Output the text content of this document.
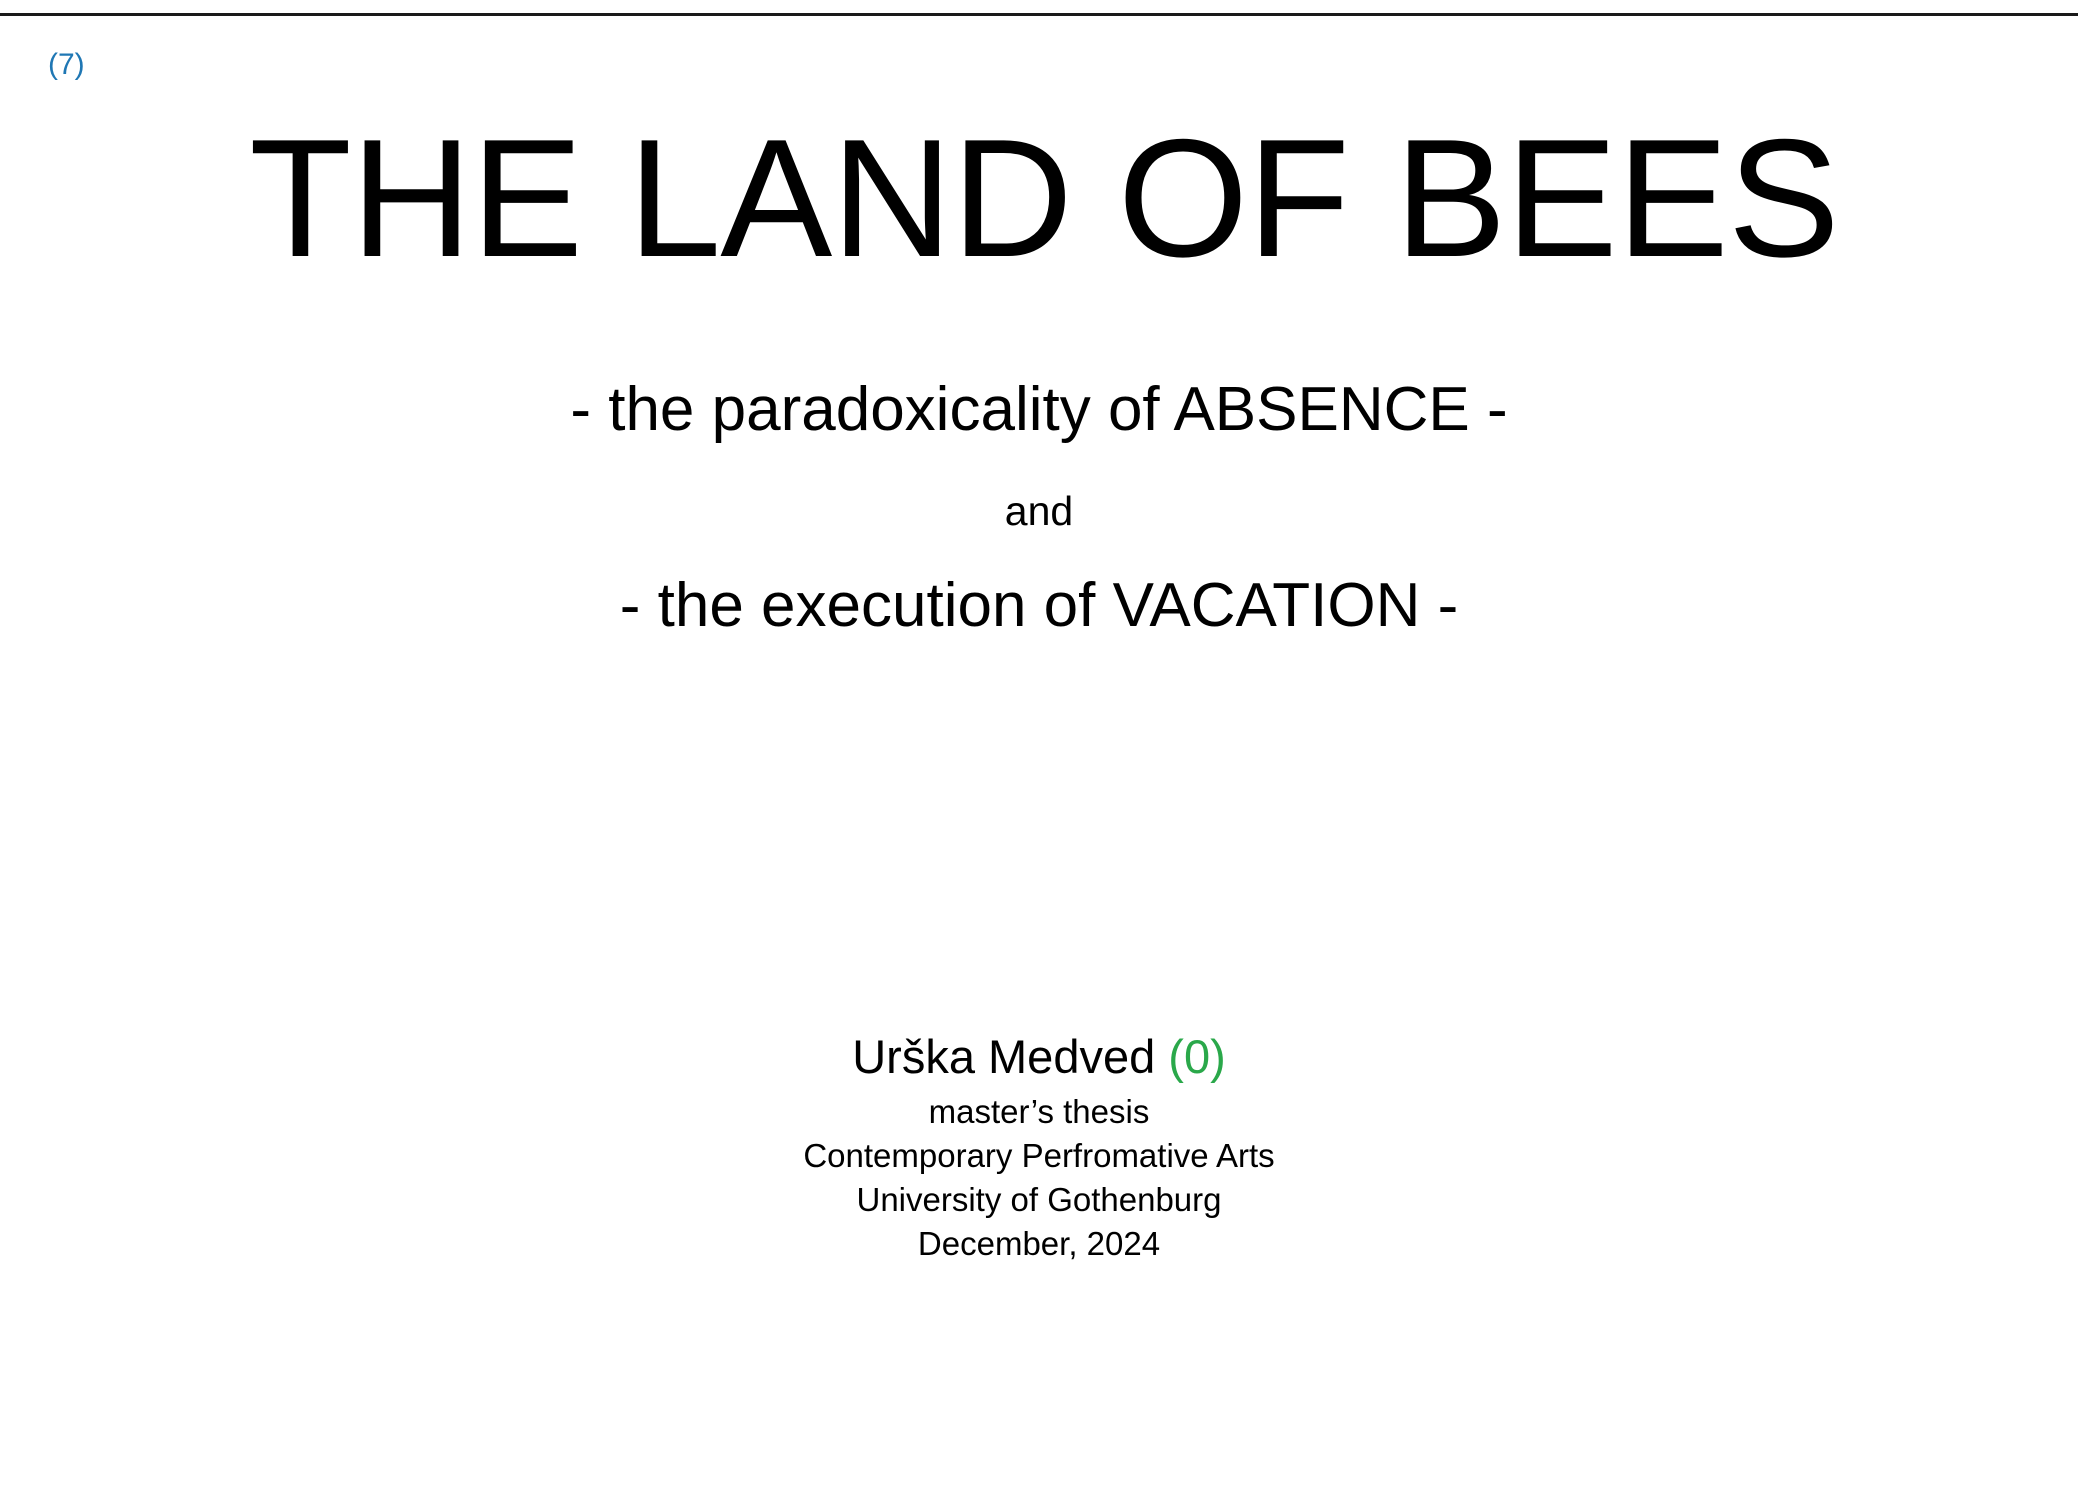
(7)
THE LAND OF BEES
- the paradoxicality of ABSENCE -
and
- the execution of VACATION -
Urška Medved (0)
master’s thesis
Contemporary Perfromative Arts
University of Gothenburg
December, 2024
